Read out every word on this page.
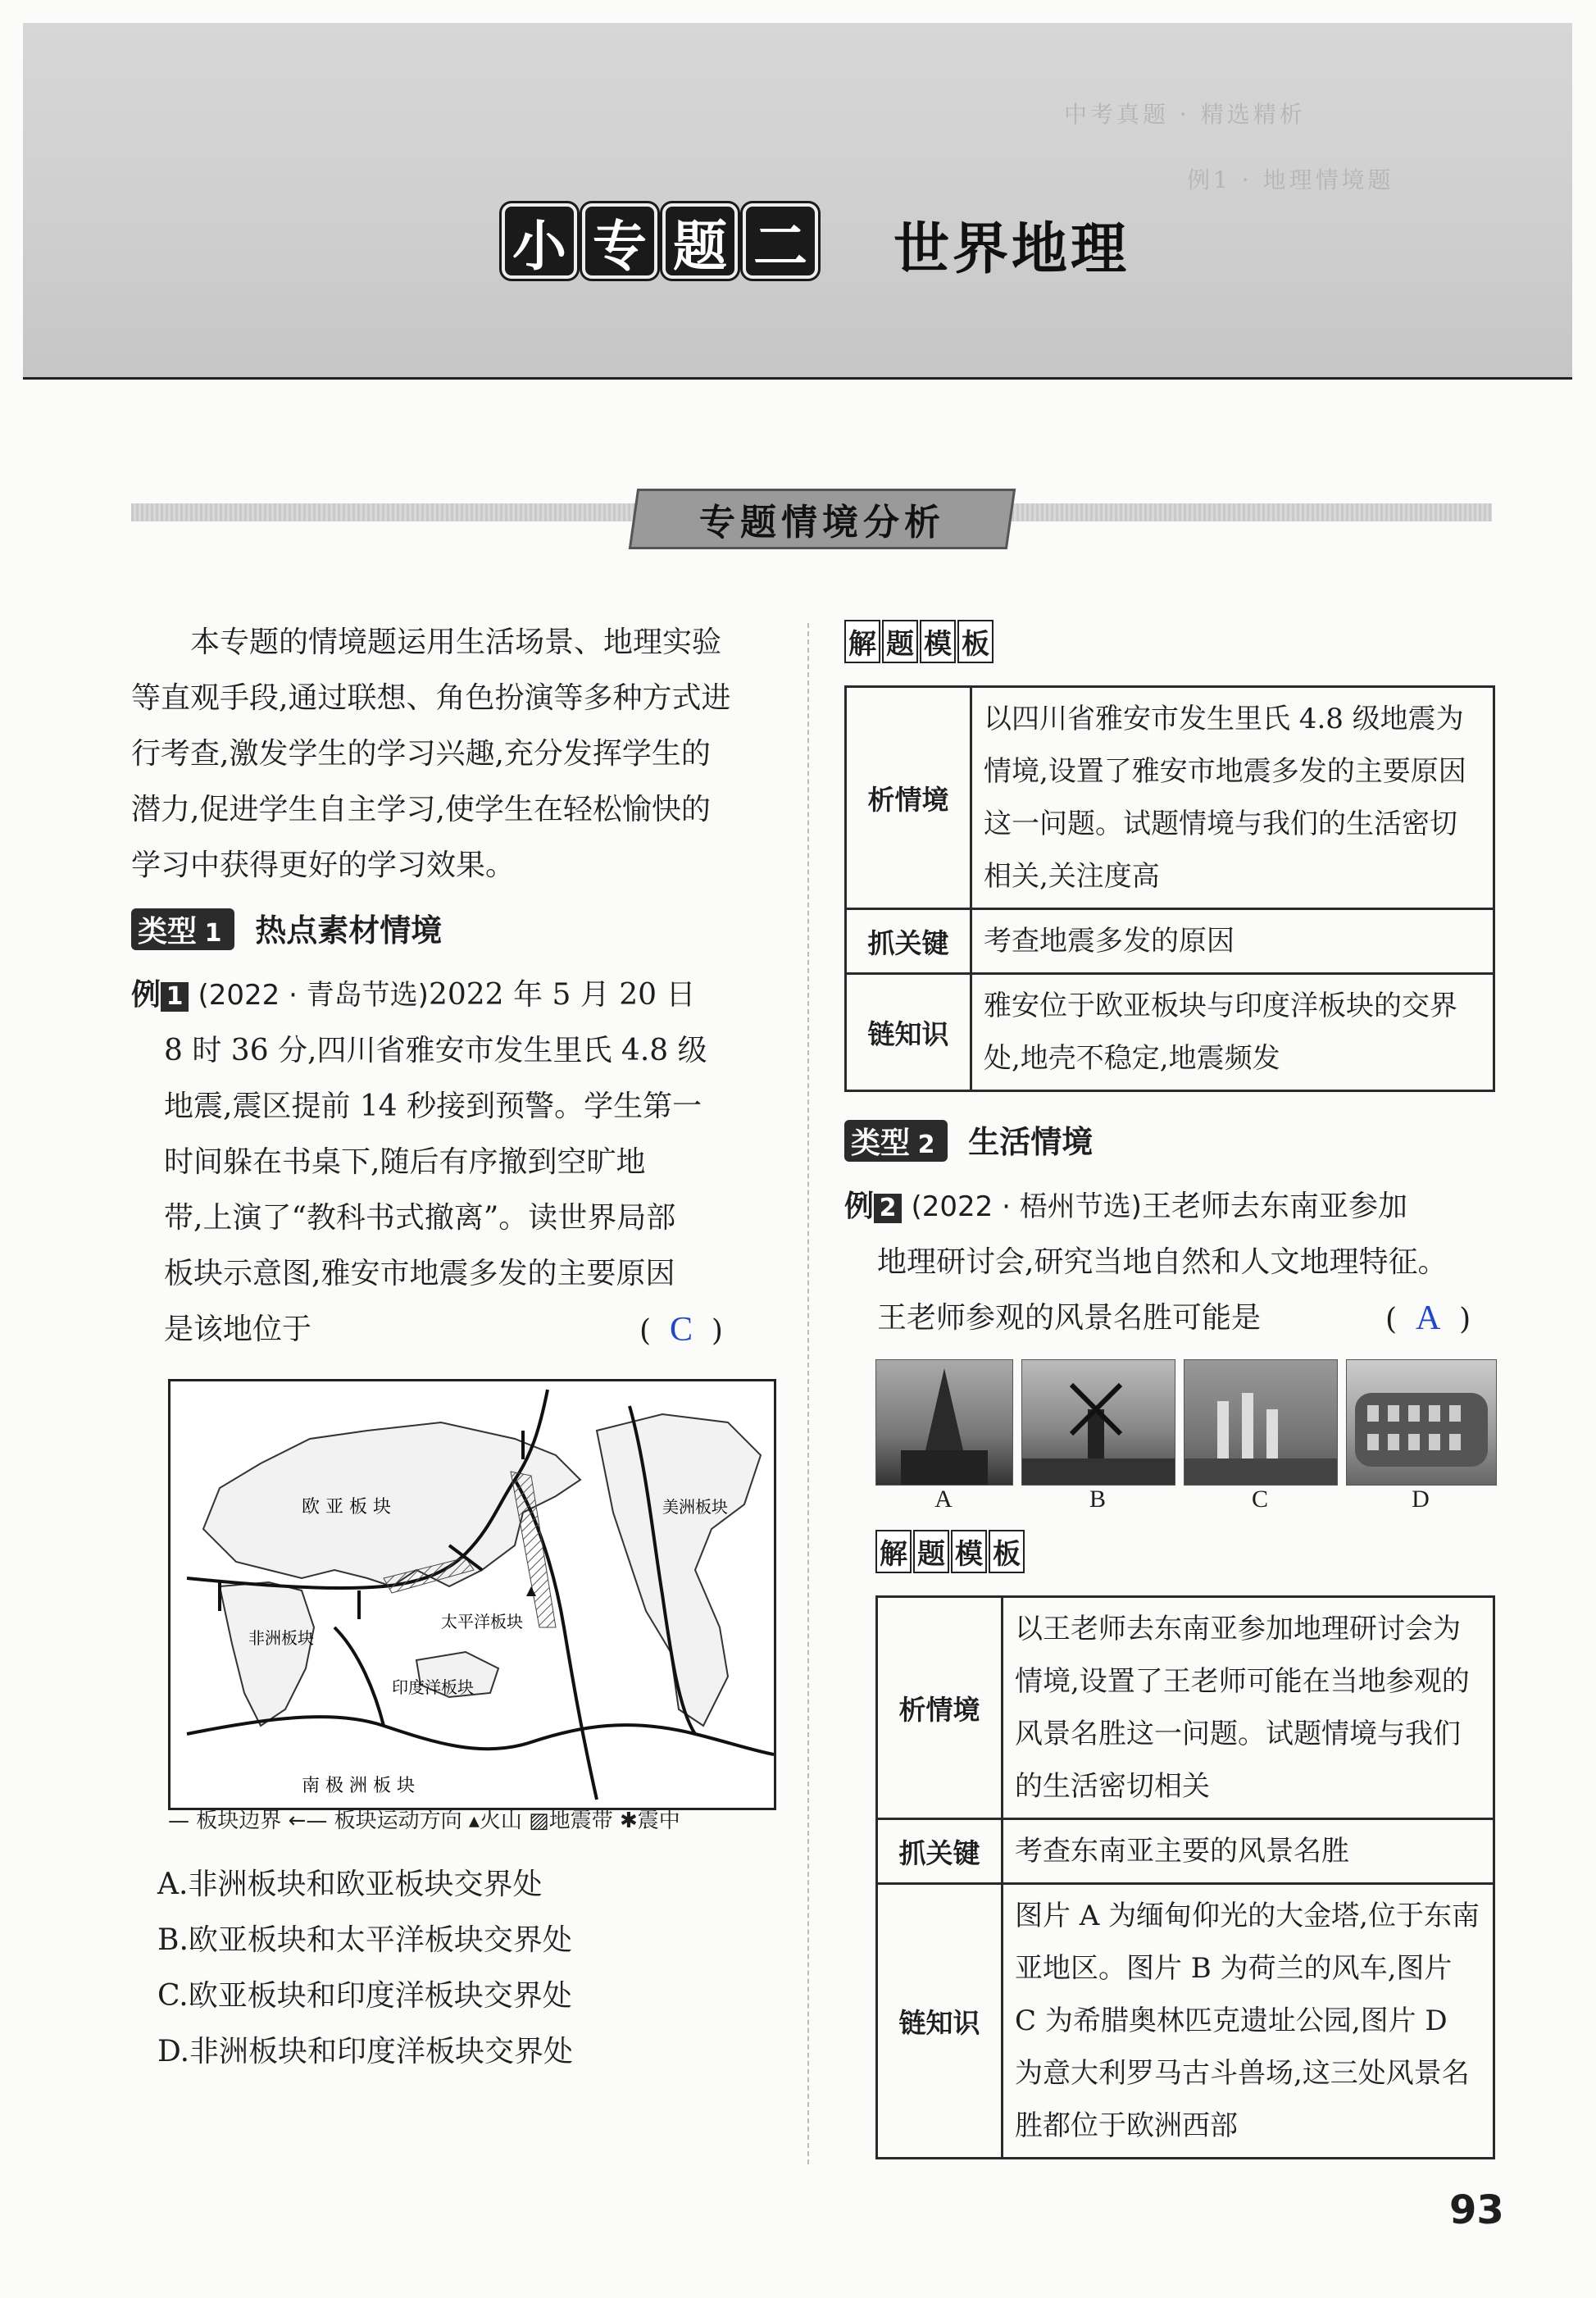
中考真题 · 精选精析
例1 · 地理情境题
小 专 题 二 世界地理
专题情境分析
本专题的情境题运用生活场景、地理实验
等直观手段,通过联想、角色扮演等多种方式进
行考查,激发学生的学习兴趣,充分发挥学生的
潜力,促进学生自主学习,使学生在轻松愉快的
学习中获得更好的学习效果。
类型 1 热点素材情境
例 1 (2022 · 青岛节选)2022 年 5 月 20 日
8 时 36 分,四川省雅安市发生里氏 4.8 级
地震,震区提前 14 秒接到预警。学生第一
时间躲在书桌下,随后有序撤到空旷地
带,上演了“教科书式撤离”。读世界局部
板块示意图,雅安市地震多发的主要原因
是该地位于	(  C  )
欧 亚 板 块
非洲板块
太平洋板块
印度洋板块
美洲板块
南 极 洲 板 块
— 板块边界 ←— 板块运动方向 ▴火山 ▨地震带 ✱震中
A.非洲板块和欧亚板块交界处
B.欧亚板块和太平洋板块交界处
C.欧亚板块和印度洋板块交界处
D.非洲板块和印度洋板块交界处
解 题 模 板
析情境	以四川省雅安市发生里氏 4.8 级地震为情境,设置了雅安市地震多发的主要原因这一问题。试题情境与我们的生活密切相关,关注度高
抓关键	考查地震多发的原因
链知识	雅安位于欧亚板块与印度洋板块的交界处,地壳不稳定,地震频发
类型 2 生活情境
例 2 (2022 · 梧州节选)王老师去东南亚参加
地理研讨会,研究当地自然和人文地理特征。
王老师参观的风景名胜可能是	(  A  )
A	B	C	D
解 题 模 板
析情境	以王老师去东南亚参加地理研讨会为情境,设置了王老师可能在当地参观的风景名胜这一问题。试题情境与我们的生活密切相关
抓关键	考查东南亚主要的风景名胜
链知识	图片 A 为缅甸仰光的大金塔,位于东南亚地区。图片 B 为荷兰的风车,图片 C 为希腊奥林匹克遗址公园,图片 D 为意大利罗马古斗兽场,这三处风景名胜都位于欧洲西部
93
